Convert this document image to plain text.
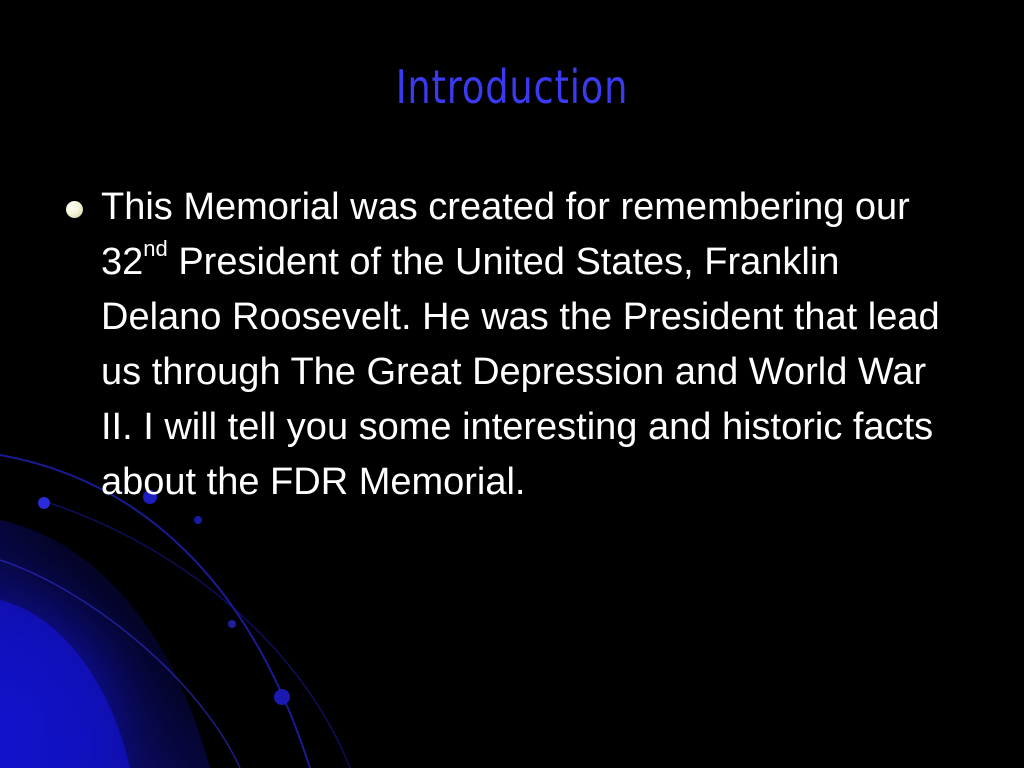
Introduction

This Memorial was created for remembering our 32nd President of the United States, Franklin Delano Roosevelt. He was the President that lead us through The Great Depression and World War II. I will tell you some interesting and historic facts about the FDR Memorial.
